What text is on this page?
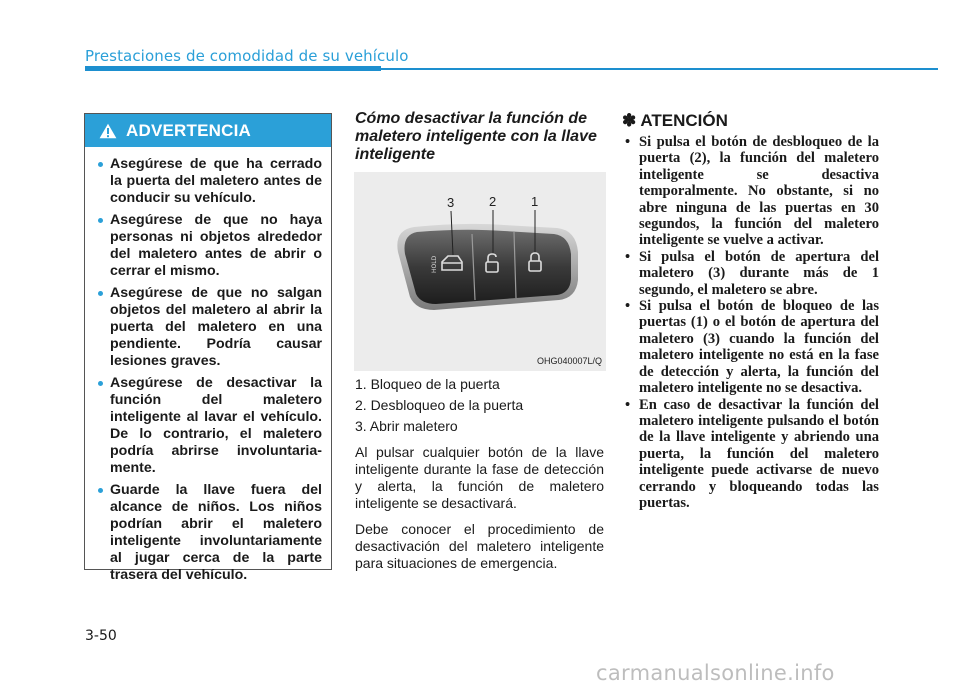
Prestaciones de comodidad de su vehículo
ADVERTENCIA
Asegúrese de que ha cerrado la puerta del maletero antes de conducir su vehículo.
Asegúrese de que no haya personas ni objetos alrededor del maletero antes de abrir o cerrar el mismo.
Asegúrese de que no salgan objetos del maletero al abrir la puerta del maletero en una pendiente. Podría causar lesiones graves.
Asegúrese de desactivar la función del maletero inteligente al lavar el vehículo. De lo contrario, el maletero podría abrirse involuntaria-mente.
Guarde la llave fuera del alcance de niños. Los niños podrían abrir el maletero inteligente involuntariamente al jugar cerca de la parte trasera del vehículo.
Cómo desactivar la función de maletero inteligente con la llave inteligente
HOLD
3	2	1
OHG040007L/Q
1. Bloqueo de la puerta
2. Desbloqueo de la puerta
3. Abrir maletero

Al pulsar cualquier botón de la llave inteligente durante la fase de detección y alerta, la función de maletero inteligente se desactivará.

Debe conocer el procedimiento de desactivación del maletero inteligente para situaciones de emergencia.

✽ ATENCIÓN
• Si pulsa el botón de desbloqueo de la puerta (2), la función del maletero inteligente se desactiva temporalmente. No obstante, si no abre ninguna de las puertas en 30 segundos, la función del maletero inteligente se vuelve a activar.
• Si pulsa el botón de apertura del maletero (3) durante más de 1 segundo, el maletero se abre.
• Si pulsa el botón de bloqueo de las puertas (1) o el botón de apertura del maletero (3) cuando la función del maletero inteligente no está en la fase de detección y alerta, la función del maletero inteligente no se desactiva.
• En caso de desactivar la función del maletero inteligente pulsando el botón de la llave inteligente y abriendo una puerta, la función del maletero inteligente puede activarse de nuevo cerrando y bloqueando todas las puertas.
3-50
carmanualsonline.info
